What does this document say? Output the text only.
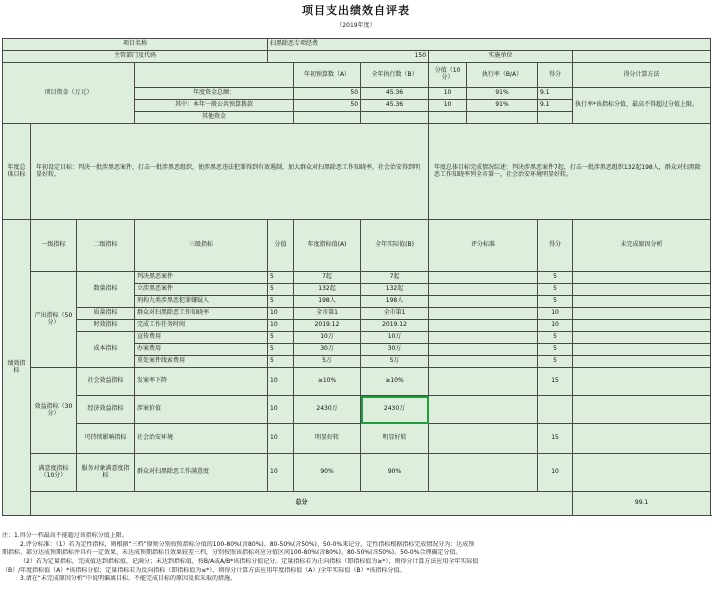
项目支出绩效自评表
（2019年度）
项目名称				扫黑除恶专项经费						
主管部门及代码				150			实施单位			
项目资金（万元）					年初预算数（A）	全年执行数（B）	分值（10分）	执行率（B/A）	得分	得分计算方法
			年度资金总额：		50	45.36	10	91%	9.1	执行率*该指标分值，最高不得超过分值上限。
			其中：本年一般公共预算拨款		50	45.36	10	91%	9.1	
			其他资金							
年度总体目标	年初设定目标：判决一批涉黑恶案件，打击一批涉黑恶组织，使涉黑恶违法犯罪得到有效遏制，加大群众对扫黑除恶工作知晓率，社会治安得到明显好转。						年度总体目标完成情况综述：判决涉黑恶案件7起，打击一批涉黑恶组织132起198人，群众对扫黑除恶工作知晓率列全市第一，社会治安环境明显好转。			
绩效指标	一级指标	二级指标	三级指标	分值	年度指标值(A)	全年实际值(B)	评分标准		得分	未完成原因分析
	产出指标（50分）	数量指标	判决黑恶案件	5	7起	7起			5	
			立涉黑恶案件	5	132起	132起			5	
			刑拘九类涉黑恶犯罪嫌疑人	5	198人	198人			5	
		质量指标	群众对扫黑除恶工作知晓率	10	全市第1	全市第1			10	
		时效指标	完成工作任务时间	10	2019.12	2019.12			10	
		成本指标	宣传费用	5	10万	10万			5	
			办案费用	5	30万	30万			5	
			重处案件线索费用	5	5万	5万			5	
	效益指标（30分）	社会效益指标	发案率下降	10	≥10%	≥10%			15	
		经济效益指标	涉案价值	10	2430万	2430万				
		可持续影响指标	社会治安环境	10	明显好转	明显好转			15	
	满意度指标（10分）	服务对象满意度指标	群众对扫黑除恶工作满意度	10	90%	90%			10	
	总分									99.1
注：1.得分一档最高不能超过该指标分值上限。
2.评分标准：（1）若为定性指标，则根据“三档”原则分别按照指标分值的100-80%(含80%)、80-50%(含50%)、50-0%来记分。定性指标根据指标完成情况分为：达成预
期指标、部分达成预期指标并具有一定效果、未达成预期指标且效果较差三档，分别按照该指标对应分值区间100-80%(含80%)、80-50%(含50%)、50-0%合理确定分值。
（2）若为定量指标，完成值达到指标值，记满分；未达到指标值，按B/A或A/B*该指标分值记分。定量指标若为正向指标（即指标值为≥*），则得分计算方法应用全年实际值
（B）/年度指标值（A）*该指标分值；定量指标若为反向指标（即指标值为≤*），则得分计算方法应用年度指标值（A）/全年实际值（B）*该指标分值。
3.请在“未完成原因分析”中说明偏离目标、不能完成目标的原因及拟采取的措施。
